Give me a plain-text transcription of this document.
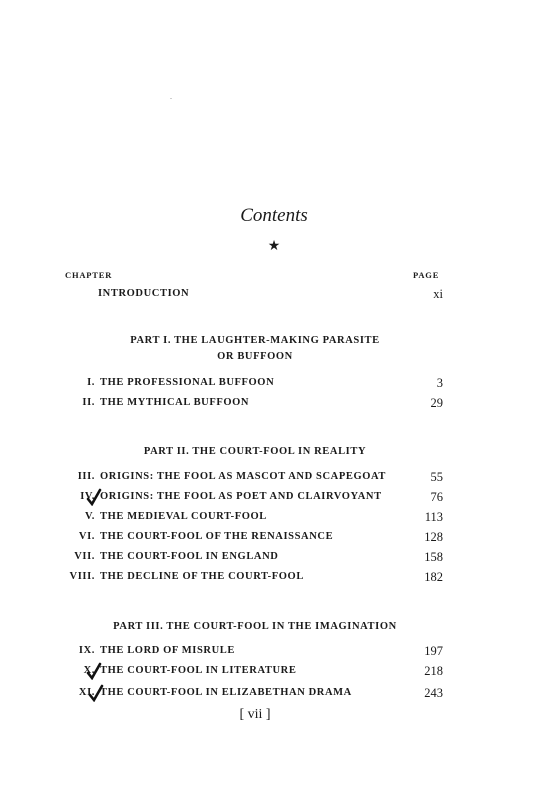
Contents
★
CHAPTER	PAGE
INTRODUCTION	xi
PART I. THE LAUGHTER-MAKING PARASITE
OR BUFFOON
I. THE PROFESSIONAL BUFFOON	3
II. THE MYTHICAL BUFFOON	29
PART II. THE COURT-FOOL IN REALITY
III. ORIGINS: THE FOOL AS MASCOT AND SCAPEGOAT	55
IV. ORIGINS: THE FOOL AS POET AND CLAIRVOYANT	76
V. THE MEDIEVAL COURT-FOOL	113
VI. THE COURT-FOOL OF THE RENAISSANCE	128
VII. THE COURT-FOOL IN ENGLAND	158
VIII. THE DECLINE OF THE COURT-FOOL	182
PART III. THE COURT-FOOL IN THE IMAGINATION
IX. THE LORD OF MISRULE	197
X. THE COURT-FOOL IN LITERATURE	218
XI. THE COURT-FOOL IN ELIZABETHAN DRAMA	243
[ vii ]
